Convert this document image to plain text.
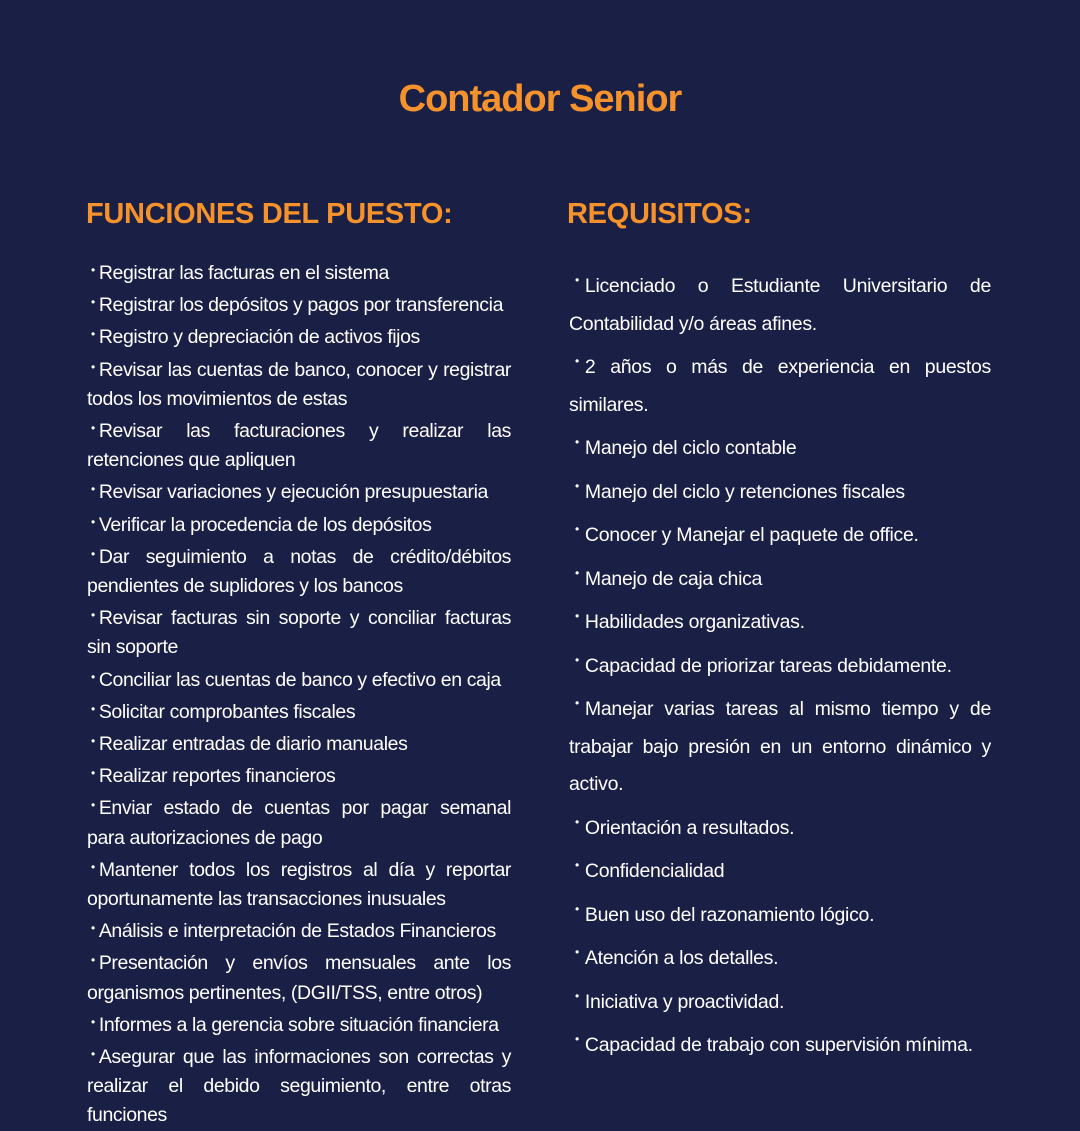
Contador Senior
FUNCIONES DEL PUESTO:	REQUISITOS:
• Registrar las facturas en el sistema
• Registrar los depósitos y pagos por transferencia
• Registro y depreciación de activos fijos
• Revisar las cuentas de banco, conocer y registrar todos los movimientos de estas
• Revisar las facturaciones y realizar las retenciones que apliquen
• Revisar variaciones y ejecución presupuestaria
• Verificar la procedencia de los depósitos
• Dar seguimiento a notas de crédito/débitos pendientes de suplidores y los bancos
• Revisar facturas sin soporte y conciliar facturas sin soporte
• Conciliar las cuentas de banco y efectivo en caja
• Solicitar comprobantes fiscales
• Realizar entradas de diario manuales
• Realizar reportes financieros
• Enviar estado de cuentas por pagar semanal para autorizaciones de pago
• Mantener todos los registros al día y reportar oportunamente las transacciones inusuales
• Análisis e interpretación de Estados Financieros
• Presentación y envíos mensuales ante los organismos pertinentes, (DGII/TSS, entre otros)
• Informes a la gerencia sobre situación financiera
• Asegurar que las informaciones son correctas y realizar el debido seguimiento, entre otras funciones
• Licenciado o Estudiante Universitario de Contabilidad y/o áreas afines.
• 2 años o más de experiencia en puestos similares.
• Manejo del ciclo contable
• Manejo del ciclo y retenciones fiscales
• Conocer y Manejar el paquete de office.
• Manejo de caja chica
• Habilidades organizativas.
• Capacidad de priorizar tareas debidamente.
• Manejar varias tareas al mismo tiempo y de trabajar bajo presión en un entorno dinámico y activo.
• Orientación a resultados.
• Confidencialidad
• Buen uso del razonamiento lógico.
• Atención a los detalles.
• Iniciativa y proactividad.
• Capacidad de trabajo con supervisión mínima.
